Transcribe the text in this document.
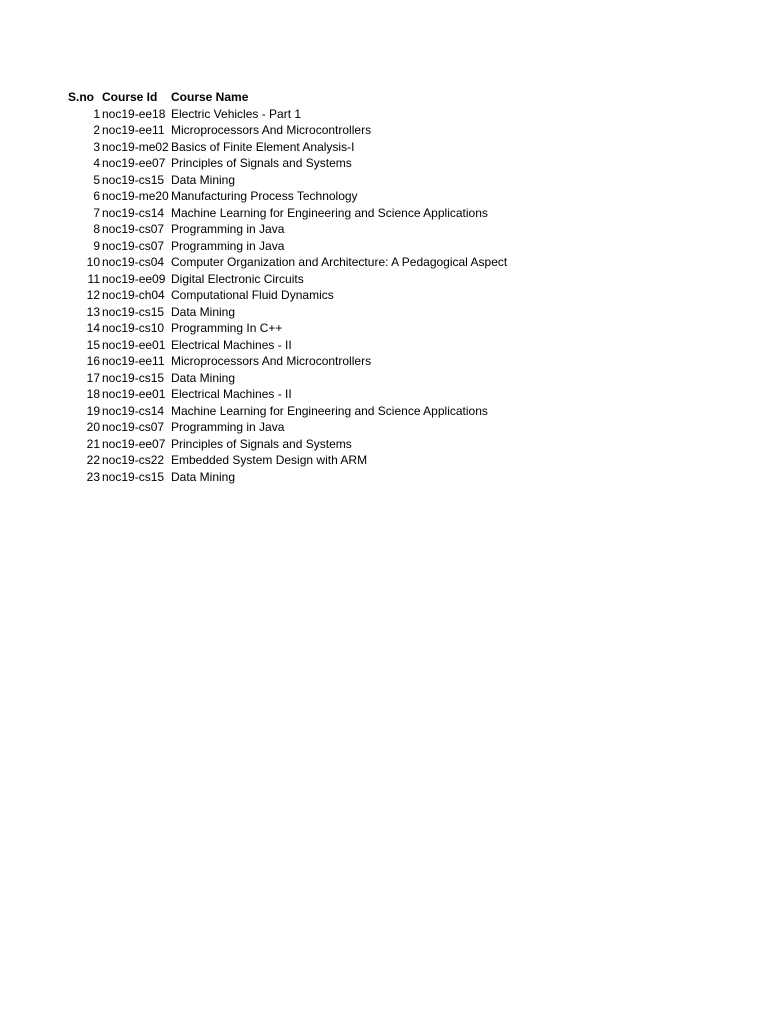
S.no Course Id	Course Name
1 noc19-ee18 Electric Vehicles - Part 1
2 noc19-ee11 Microprocessors And Microcontrollers
3 noc19-me02 Basics of Finite Element Analysis-I
4 noc19-ee07 Principles of Signals and Systems
5 noc19-cs15 Data Mining
6 noc19-me20 Manufacturing Process Technology
7 noc19-cs14 Machine Learning for Engineering and Science Applications
8 noc19-cs07 Programming in Java
9 noc19-cs07 Programming in Java
10 noc19-cs04 Computer Organization and Architecture: A Pedagogical Aspect
11 noc19-ee09 Digital Electronic Circuits
12 noc19-ch04 Computational Fluid Dynamics
13 noc19-cs15 Data Mining
14 noc19-cs10 Programming In C++
15 noc19-ee01 Electrical Machines - II
16 noc19-ee11 Microprocessors And Microcontrollers
17 noc19-cs15 Data Mining
18 noc19-ee01 Electrical Machines - II
19 noc19-cs14 Machine Learning for Engineering and Science Applications
20 noc19-cs07 Programming in Java
21 noc19-ee07 Principles of Signals and Systems
22 noc19-cs22 Embedded System Design with ARM
23 noc19-cs15 Data Mining
